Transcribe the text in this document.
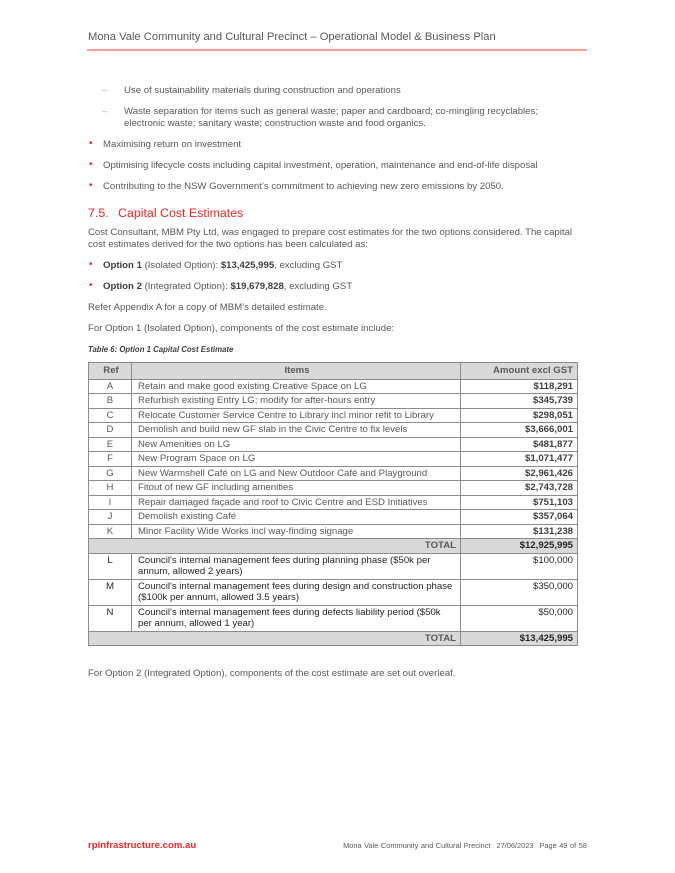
Mona Vale Community and Cultural Precinct – Operational Model & Business Plan
– Use of sustainability materials during construction and operations
– Waste separation for items such as general waste; paper and cardboard; co-mingling recyclables; electronic waste; sanitary waste; construction waste and food organics.
• Maximising return on investment
• Optimising lifecycle costs including capital investment, operation, maintenance and end-of-life disposal
• Contributing to the NSW Government’s commitment to achieving new zero emissions by 2050.
7.5. Capital Cost Estimates

Cost Consultant, MBM Pty Ltd, was engaged to prepare cost estimates for the two options considered. The capital cost estimates derived for the two options has been calculated as:

• Option 1 (Isolated Option): $13,425,995, excluding GST
• Option 2 (Integrated Option): $19,679,828, excluding GST

Refer Appendix A for a copy of MBM’s detailed estimate.

For Option 1 (Isolated Option), components of the cost estimate include:

Table 6: Option 1 Capital Cost Estimate
Ref	Items	Amount excl GST
A	Retain and make good existing Creative Space on LG	$118,291
B	Refurbish existing Entry LG; modify for after-hours entry	$345,739
C	Relocate Customer Service Centre to Library incl minor refit to Library	$298,051
D	Demolish and build new GF slab in the Civic Centre to fix levels	$3,666,001
E	New Amenities on LG	$481,877
F	New Program Space on LG	$1,071,477
G	New Warmshell Café on LG and New Outdoor Café and Playground	$2,961,426
H	Fitout of new GF including amenities	$2,743,728
I	Repair damaged façade and roof to Civic Centre and ESD Initiatives	$751,103
J	Demolish existing Café	$357,064
K	Minor Facility Wide Works incl way-finding signage	$131,238
TOTAL		$12,925,995
L	Council's internal management fees during planning phase ($50k per annum, allowed 2 years)	$100,000
M	Council's internal management fees during design and construction phase ($100k per annum, allowed 3.5 years)	$350,000
N	Council's internal management fees during defects liability period ($50k per annum, allowed 1 year)	$50,000
TOTAL		$13,425,995

For Option 2 (Integrated Option), components of the cost estimate are set out overleaf.

rpinfrastructure.com.au	Mona Vale Community and Cultural Precinct 27/06/2023 Page 49 of 58
